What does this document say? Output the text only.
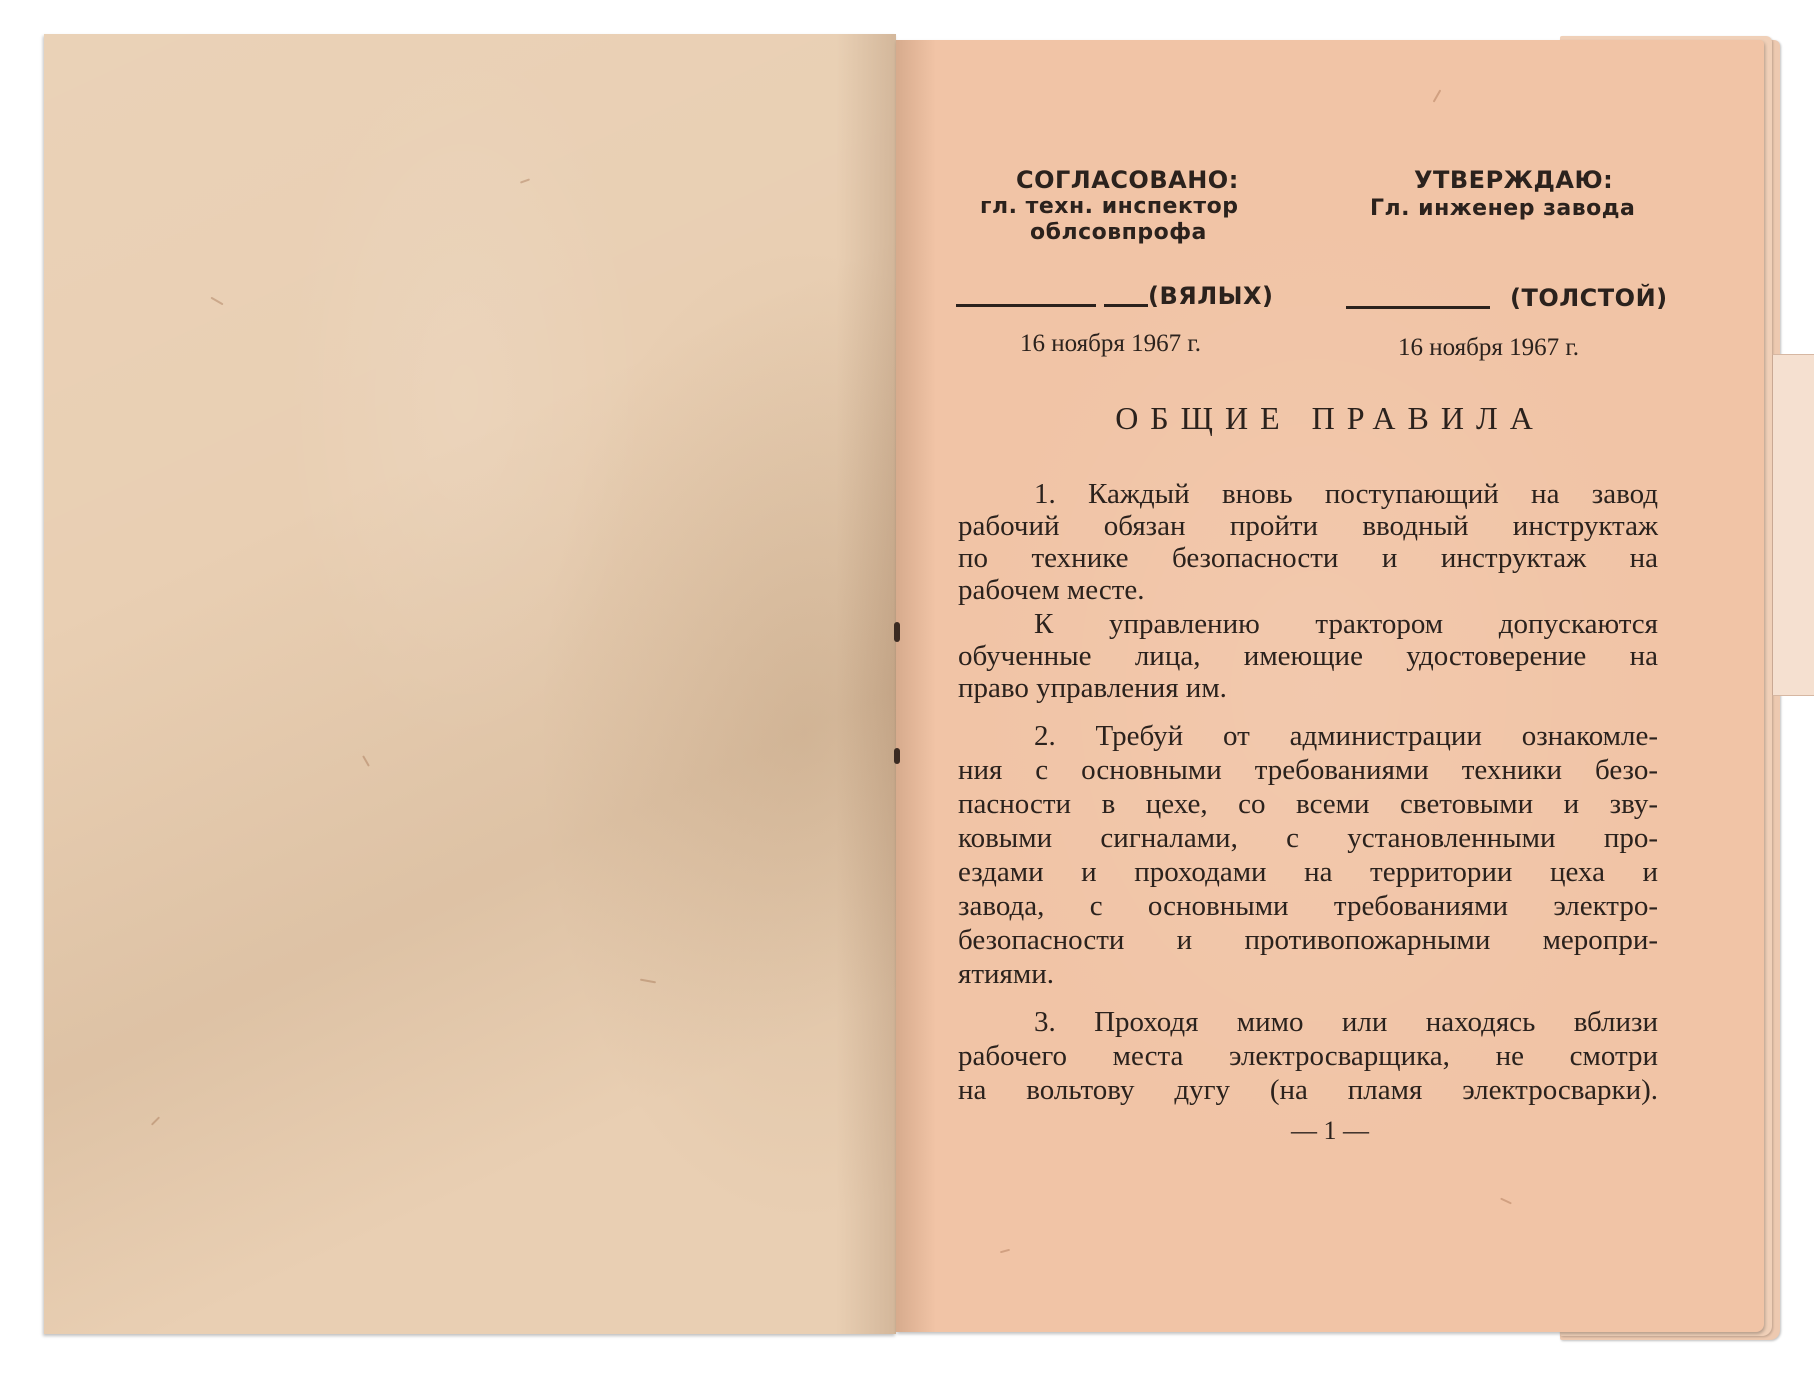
СОГЛАСОВАНО:
гл. техн. инспектор
облсовпрофа
УТВЕРЖДАЮ:
Гл. инженер завода
(ВЯЛЫХ)	(ТОЛСТОЙ)
16 ноября 1967 г.	16 ноября 1967 г.
ОБЩИЕ ПРАВИЛА
1. Каждый вновь поступающий на завод
рабочий обязан пройти вводный инструктаж
по технике безопасности и инструктаж на
рабочем месте.
К управлению трактором допускаются
обученные лица, имеющие удостоверение на
право управления им.
2. Требуй от администрации ознакомле-
ния с основными требованиями техники безо-
пасности в цехе, со всеми световыми и зву-
ковыми сигналами, с установленными про-
ездами и проходами на территории цеха и
завода, с основными требованиями электро-
безопасности и противопожарными меропри-
ятиями.
3. Проходя мимо или находясь вблизи
рабочего места электросварщика, не смотри
на вольтову дугу (на пламя электросварки).
— 1 —
